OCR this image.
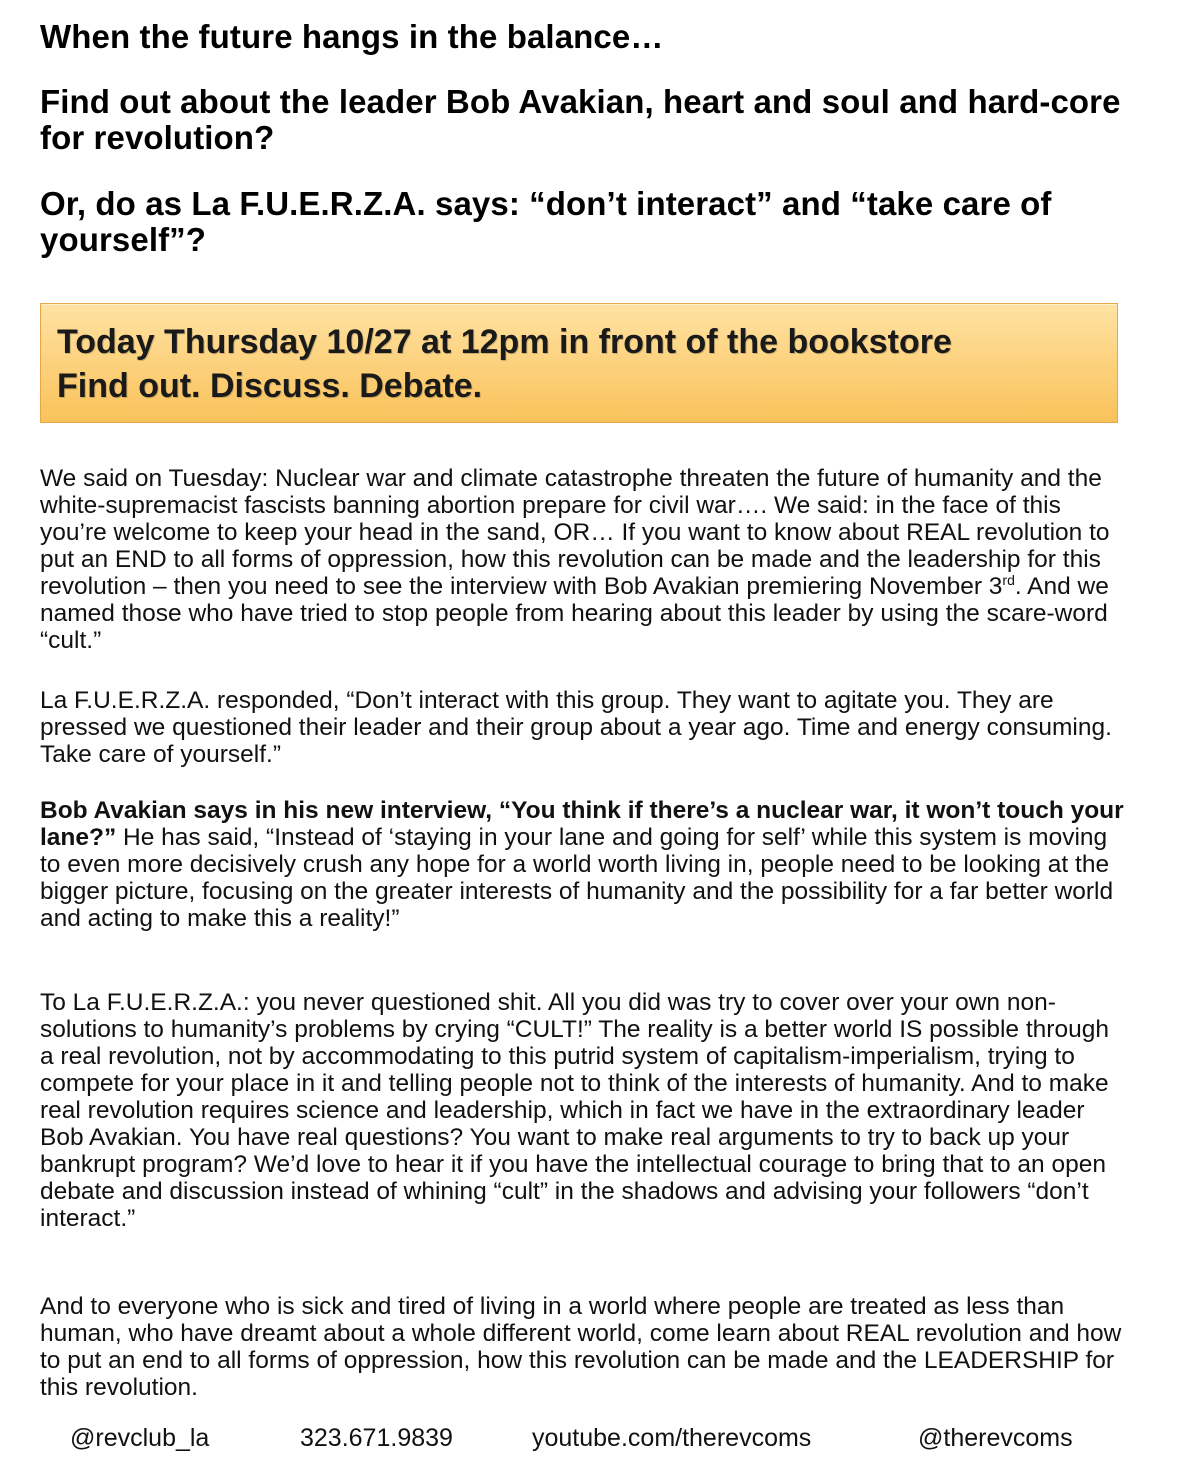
When the future hangs in the balance…
Find out about the leader Bob Avakian, heart and soul and hard-core for revolution?
Or, do as La F.U.E.R.Z.A. says: “don’t interact” and “take care of yourself”?
Today Thursday 10/27 at 12pm in front of the bookstore
Find out. Discuss. Debate.

We said on Tuesday: Nuclear war and climate catastrophe threaten the future of humanity and the white-supremacist fascists banning abortion prepare for civil war…. We said: in the face of this you’re welcome to keep your head in the sand, OR… If you want to know about REAL revolution to put an END to all forms of oppression, how this revolution can be made and the leadership for this revolution – then you need to see the interview with Bob Avakian premiering November 3rd. And we named those who have tried to stop people from hearing about this leader by using the scare-word “cult.”

La F.U.E.R.Z.A. responded, “Don’t interact with this group. They want to agitate you. They are pressed we questioned their leader and their group about a year ago. Time and energy consuming. Take care of yourself.”

Bob Avakian says in his new interview, “You think if there’s a nuclear war, it won’t touch your lane?” He has said, “Instead of ‘staying in your lane and going for self’ while this system is moving to even more decisively crush any hope for a world worth living in, people need to be looking at the bigger picture, focusing on the greater interests of humanity and the possibility for a far better world and acting to make this a reality!”

To La F.U.E.R.Z.A.: you never questioned shit. All you did was try to cover over your own non-solutions to humanity’s problems by crying “CULT!” The reality is a better world IS possible through a real revolution, not by accommodating to this putrid system of capitalism-imperialism, trying to compete for your place in it and telling people not to think of the interests of humanity. And to make real revolution requires science and leadership, which in fact we have in the extraordinary leader Bob Avakian. You have real questions? You want to make real arguments to try to back up your bankrupt program? We’d love to hear it if you have the intellectual courage to bring that to an open debate and discussion instead of whining “cult” in the shadows and advising your followers “don’t interact.”

And to everyone who is sick and tired of living in a world where people are treated as less than human, who have dreamt about a whole different world, come learn about REAL revolution and how to put an end to all forms of oppression, how this revolution can be made and the LEADERSHIP for this revolution.

@revclub_la	323.671.9839	youtube.com/therevcoms	@therevcoms
